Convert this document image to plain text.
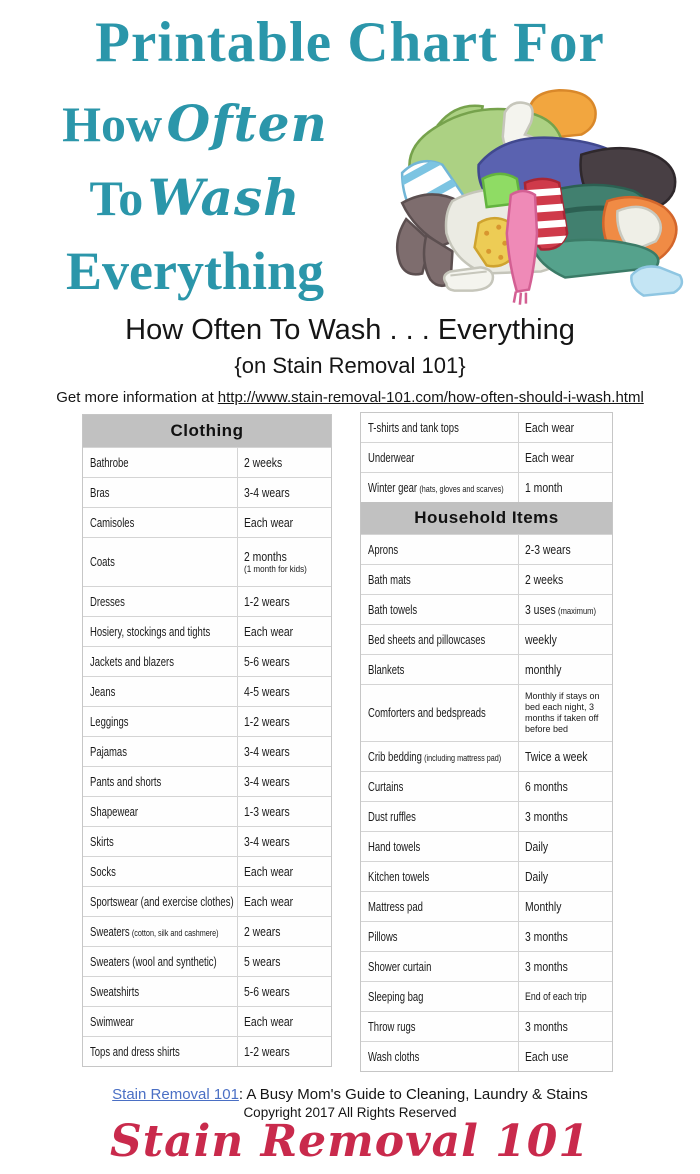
Printable Chart For
How Often
To Wash
Everything
How Often To Wash . . . Everything
{on Stain Removal 101}
Get more information at http://www.stain-removal-101.com/how-often-should-i-wash.html
Clothing
Bathrobe	2 weeks
Bras	3-4 wears
Camisoles	Each wear
Coats	2 months
(1 month for kids)
Dresses	1-2 wears
Hosiery, stockings and tights	Each wear
Jackets and blazers	5-6 wears
Jeans	4-5 wears
Leggings	1-2 wears
Pajamas	3-4 wears
Pants and shorts	3-4 wears
Shapewear	1-3 wears
Skirts	3-4 wears
Socks	Each wear
Sportswear (and exercise clothes) Each wear
Sweaters (cotton, silk and cashmere)	2 wears
Sweaters (wool and synthetic)	5 wears
Sweatshirts	5-6 wears
Swimwear	Each wear
Tops and dress shirts	1-2 wears
T-shirts and tank tops	Each wear
Underwear	Each wear
Winter gear (hats, gloves and scarves)	1 month
Household Items
Aprons	2-3 wears
Bath mats	2 weeks
Bath towels	3 uses (maximum)
Bed sheets and pillowcases	weekly
Blankets	monthly
Comforters and bedspreads
Monthly if stays on bed each night, 3 months if taken off before bed
Crib bedding (including mattress pad)	Twice a week
Curtains	6 months
Dust ruffles	3 months
Hand towels	Daily
Kitchen towels	Daily
Mattress pad	Monthly
Pillows	3 months
Shower curtain	3 months
Sleeping bag	End of each trip
Throw rugs	3 months
Wash cloths	Each use
Stain Removal 101: A Busy Mom's Guide to Cleaning, Laundry & Stains
Copyright 2017 All Rights Reserved
Stain Removal 101
